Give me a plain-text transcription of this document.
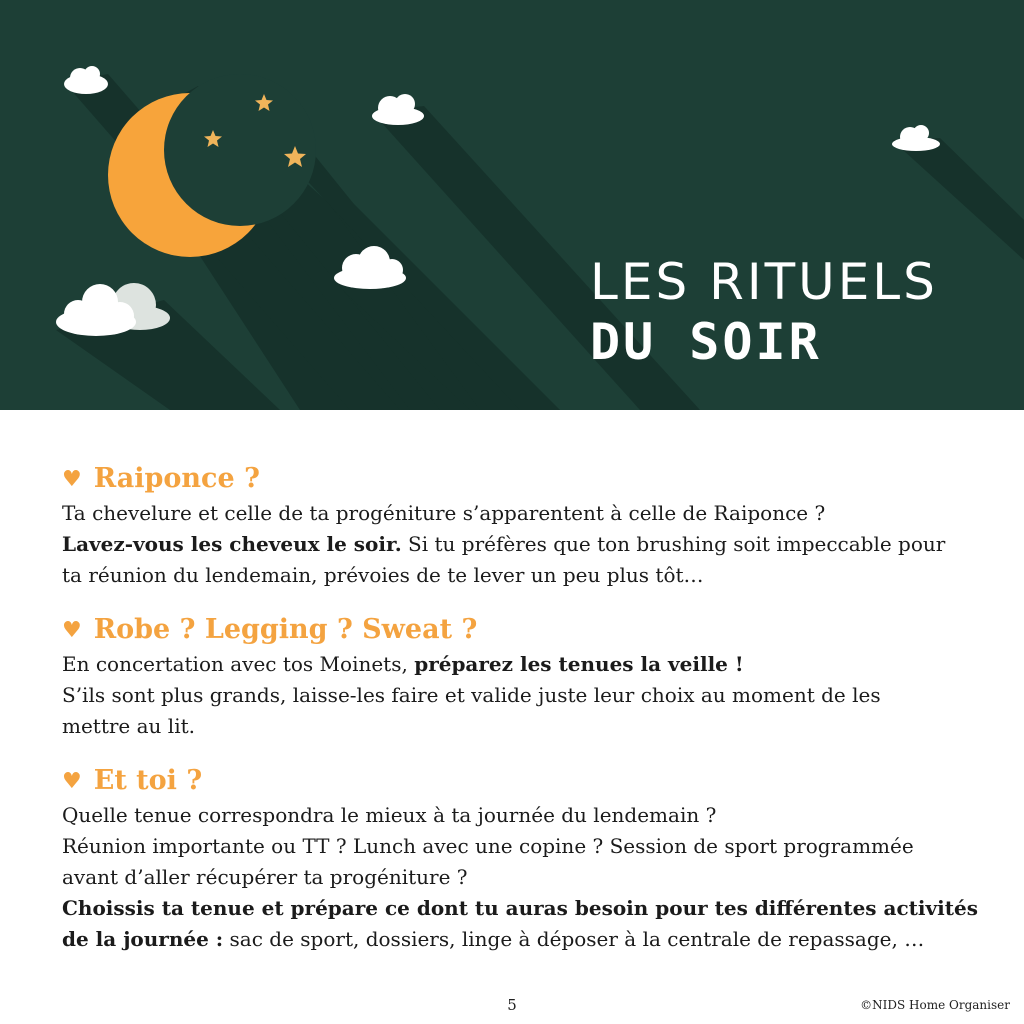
LES RITUELS
DU SOIR
♥ Raiponce ?

Ta chevelure et celle de ta progéniture s’apparentent à celle de Raiponce ?

Lavez-vous les cheveux le soir. Si tu préfères que ton brushing soit impeccable pour

ta réunion du lendemain, prévoies de te lever un peu plus tôt…

♥ Robe ? Legging ? Sweat ?

En concertation avec tos Moinets, préparez les tenues la veille !

S’ils sont plus grands, laisse-les faire et valide juste leur choix au moment de les

mettre au lit.

♥ Et toi ?

Quelle tenue correspondra le mieux à ta journée du lendemain ?

Réunion importante ou TT ? Lunch avec une copine ? Session de sport programmée

avant d’aller récupérer ta progéniture ?

Choissis ta tenue et prépare ce dont tu auras besoin pour tes différentes activités

de la journée : sac de sport, dossiers, linge à déposer à la centrale de repassage, …

5	©NIDS Home Organiser
